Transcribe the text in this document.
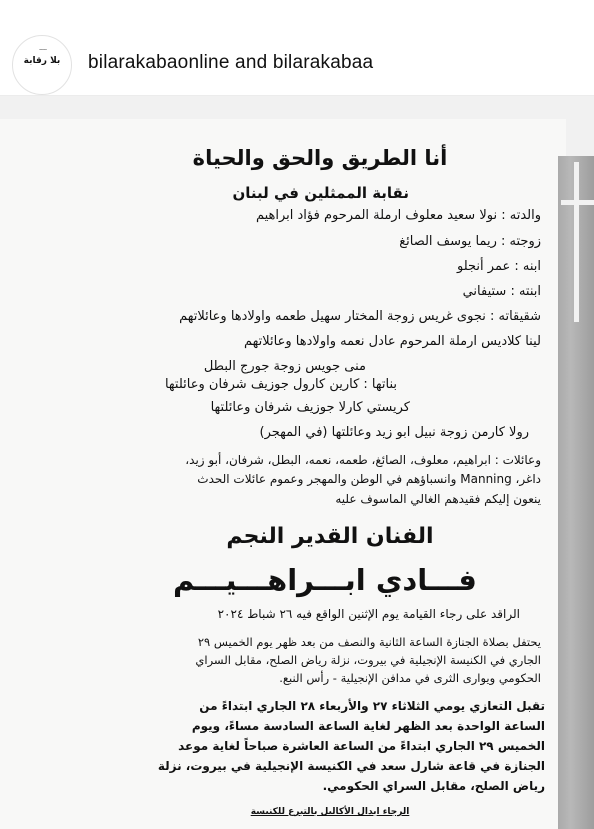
ـــــ
بلا رقابة	bilarakabaonline and bilarakabaa
أنا الطريق والحق والحياة
نقابة الممثلين في لبنان
والدته : نولا سعيد معلوف ارملة المرحوم فؤاد ابراهيم
زوجته : ريما يوسف الصائغ
ابنه : عمر أنجلو
ابنته : ستيفاني
شقيقاته : نجوى غريس زوجة المختار سهيل طعمه واولادها وعائلاتهم
لينا كلاديس ارملة المرحوم عادل نعمه واولادها وعائلاتهم
منى جويس زوجة جورج البطل
بناتها : كارين كارول جوزيف شرفان وعائلتها
كريستي كارلا جوزيف شرفان وعائلتها
رولا كارمن زوجة نبيل ابو زيد وعائلتها (في المهجر)
وعائلات : ابراهيم، معلوف، الصائغ، طعمه، نعمه، البطل، شرفان، أبو زيد،
داغر، Manning وانسباؤهم في الوطن والمهجر وعموم عائلات الحدث
ينعون إليكم فقيدهم الغالي الماسوف عليه
الفنان القدير النجم
فـــادي ابـــراهـــيـــم
الراقد على رجاء القيامة يوم الإثنين الواقع فيه ٢٦ شباط ٢٠٢٤
يحتفل بصلاة الجنازة الساعة الثانية والنصف من بعد ظهر يوم الخميس ٢٩
الجاري في الكنيسة الإنجيلية في بيروت، نزلة رياض الصلح، مقابل السراي
الحكومي ويوارى الثرى في مدافن الإنجيلية - رأس النبع.
تقبل التعازي يومي الثلاثاء ٢٧ والأربعاء ٢٨ الجاري ابتداءً من
الساعة الواحدة بعد الظهر لغاية الساعة السادسة مساءً، ويوم
الخميس ٢٩ الجاري ابتداءً من الساعة العاشرة صباحاً لغاية موعد
الجنازة في قاعة شارل سعد في الكنيسة الإنجيلية في بيروت، نزلة
رياض الصلح، مقابل السراي الحكومي.
الرجاء ابدال الأكاليل بالتبرع للكنيسة
